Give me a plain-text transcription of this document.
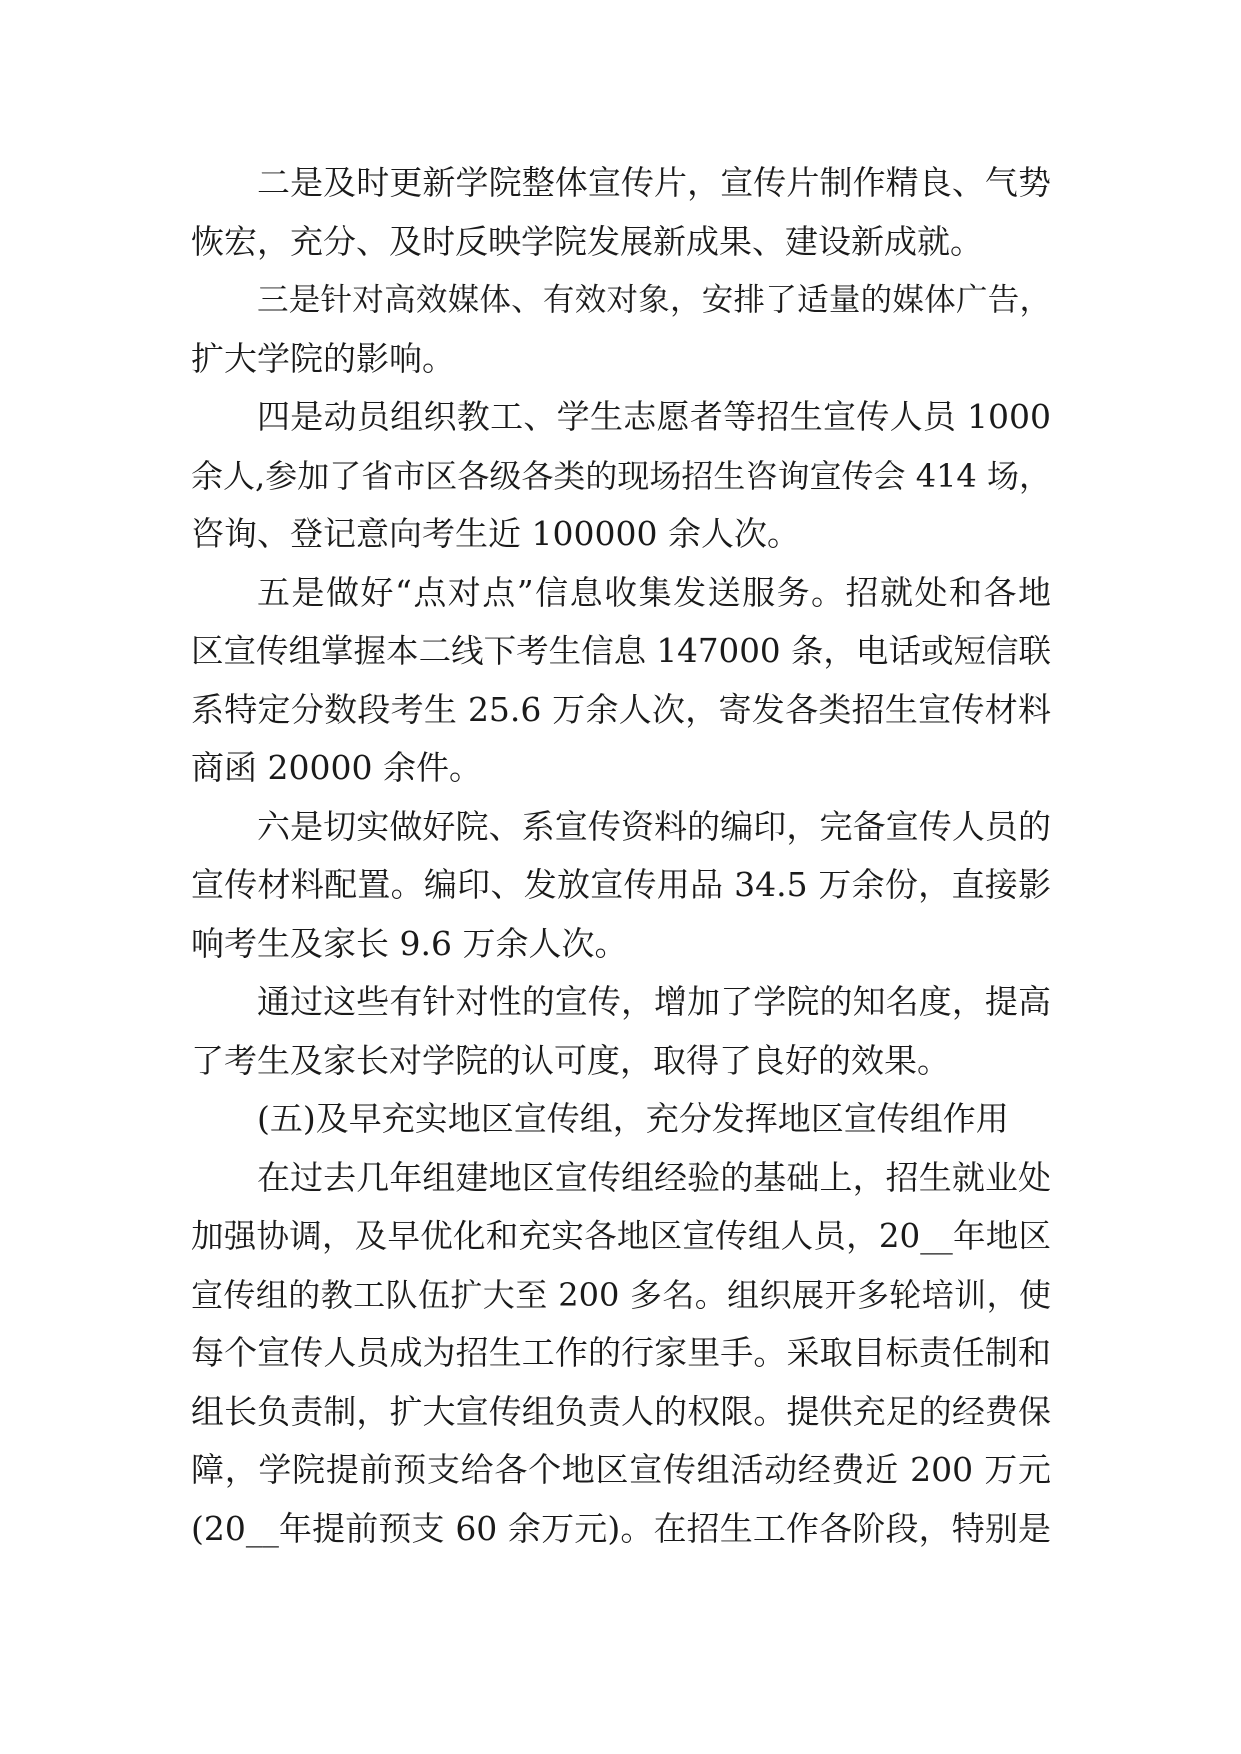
二是及时更新学院整体宣传片，宣传片制作精良、气势
恢宏，充分、及时反映学院发展新成果、建设新成就。
三是针对高效媒体、有效对象，安排了适量的媒体广告，
扩大学院的影响。
四是动员组织教工、学生志愿者等招生宣传人员 1000
余人,参加了省市区各级各类的现场招生咨询宣传会 414 场，
咨询、登记意向考生近 100000 余人次。
五是做好“点对点”信息收集发送服务。招就处和各地
区宣传组掌握本二线下考生信息 147000 条，电话或短信联
系特定分数段考生 25.6 万余人次，寄发各类招生宣传材料
商函 20000 余件。
六是切实做好院、系宣传资料的编印，完备宣传人员的
宣传材料配置。编印、发放宣传用品 34.5 万余份，直接影
响考生及家长 9.6 万余人次。
通过这些有针对性的宣传，增加了学院的知名度，提高
了考生及家长对学院的认可度，取得了良好的效果。
(五)及早充实地区宣传组，充分发挥地区宣传组作用
在过去几年组建地区宣传组经验的基础上，招生就业处
加强协调，及早优化和充实各地区宣传组人员，20__年地区
宣传组的教工队伍扩大至 200 多名。组织展开多轮培训，使
每个宣传人员成为招生工作的行家里手。采取目标责任制和
组长负责制，扩大宣传组负责人的权限。提供充足的经费保
障，学院提前预支给各个地区宣传组活动经费近 200 万元
(20__年提前预支 60 余万元)。在招生工作各阶段，特别是
